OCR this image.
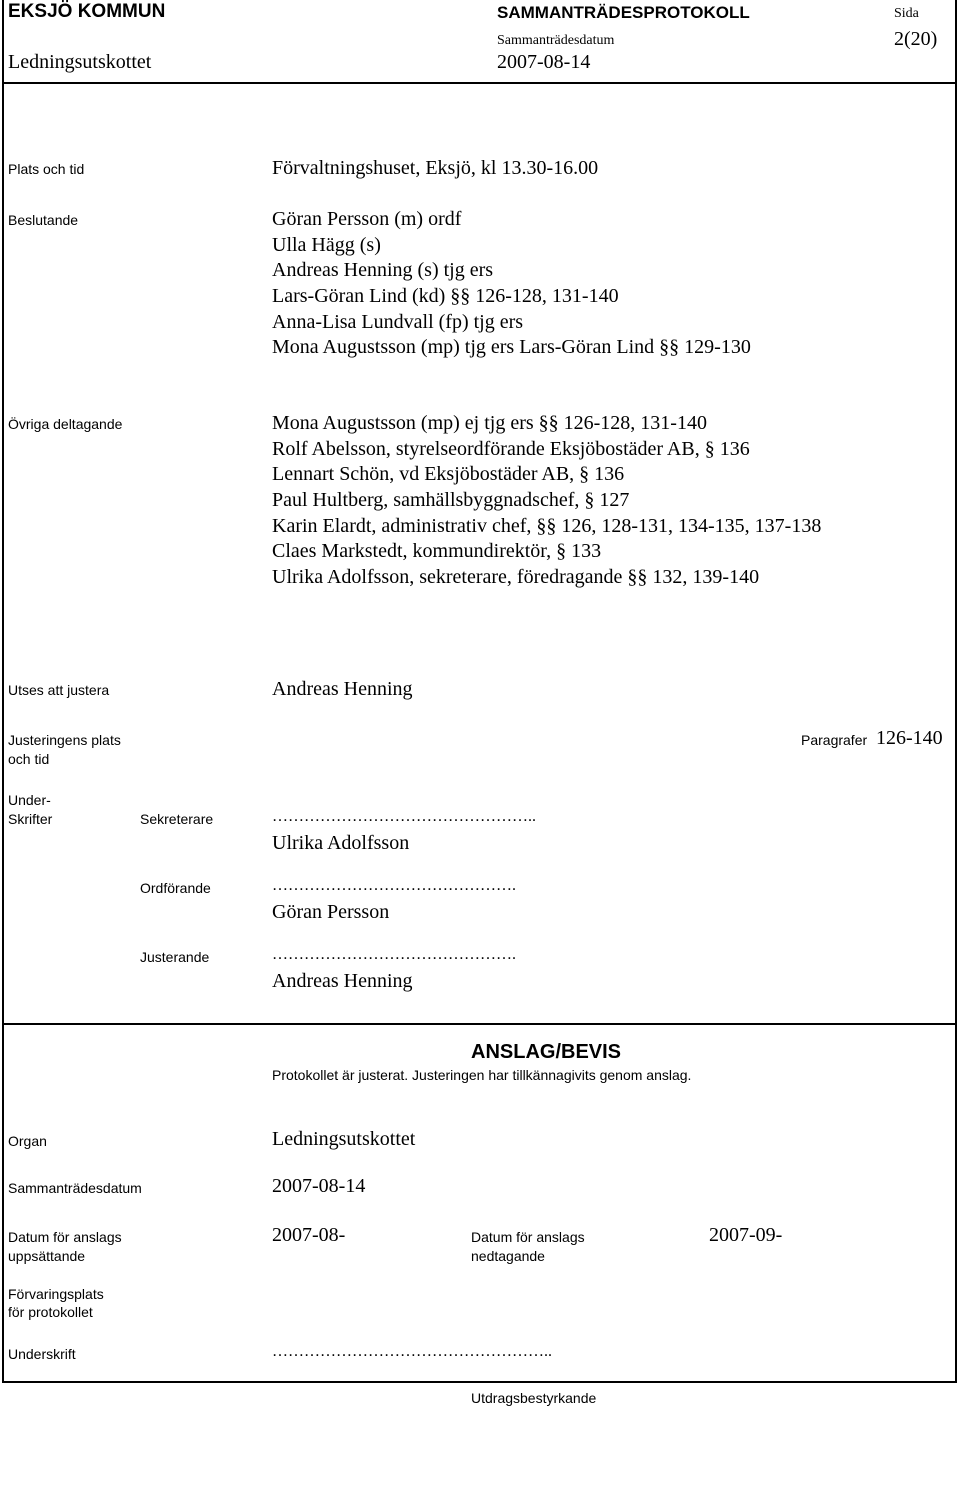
EKSJÖ KOMMUN	SAMMANTRÄDESPROTOKOLL	Sida
Ledningsutskottet
Sammanträdesdatum
2007-08-14
2(20)
Plats och tid	Förvaltningshuset, Eksjö, kl 13.30-16.00
Beslutande	Göran Persson (m) ordf
Ulla Hägg (s)
Andreas Henning (s) tjg ers
Lars-Göran Lind (kd) §§ 126-128, 131-140
Anna-Lisa Lundvall (fp) tjg ers
Mona Augustsson (mp) tjg ers Lars-Göran Lind §§ 129-130
Övriga deltagande	Mona Augustsson (mp) ej tjg ers §§ 126-128, 131-140
Rolf Abelsson, styrelseordförande Eksjöbostäder AB, § 136
Lennart Schön, vd Eksjöbostäder AB, § 136
Paul Hultberg, samhällsbyggnadschef, § 127
Karin Elardt, administrativ chef, §§ 126, 128-131, 134-135, 137-138
Claes Markstedt, kommundirektör, § 133
Ulrika Adolfsson, sekreterare, föredragande §§ 132, 139-140
Utses att justera	Andreas Henning
Justeringens plats
och tid
Paragrafer 126-140
Under-
Skrifter	Sekreterare	…………………………………………..
Ulrika Adolfsson
Ordförande	……………………………………….
Göran Persson
Justerande	……………………………………….
Andreas Henning
ANSLAG/BEVIS
Protokollet är justerat. Justeringen har tillkännagivits genom anslag.
Organ	Ledningsutskottet
Sammanträdesdatum	2007-08-14
Datum för anslags
uppsättande
2007-08-	Datum för anslags
nedtagande
2007-09-
Förvaringsplats
för protokollet
Underskrift	……………………………………………..
Utdragsbestyrkande
